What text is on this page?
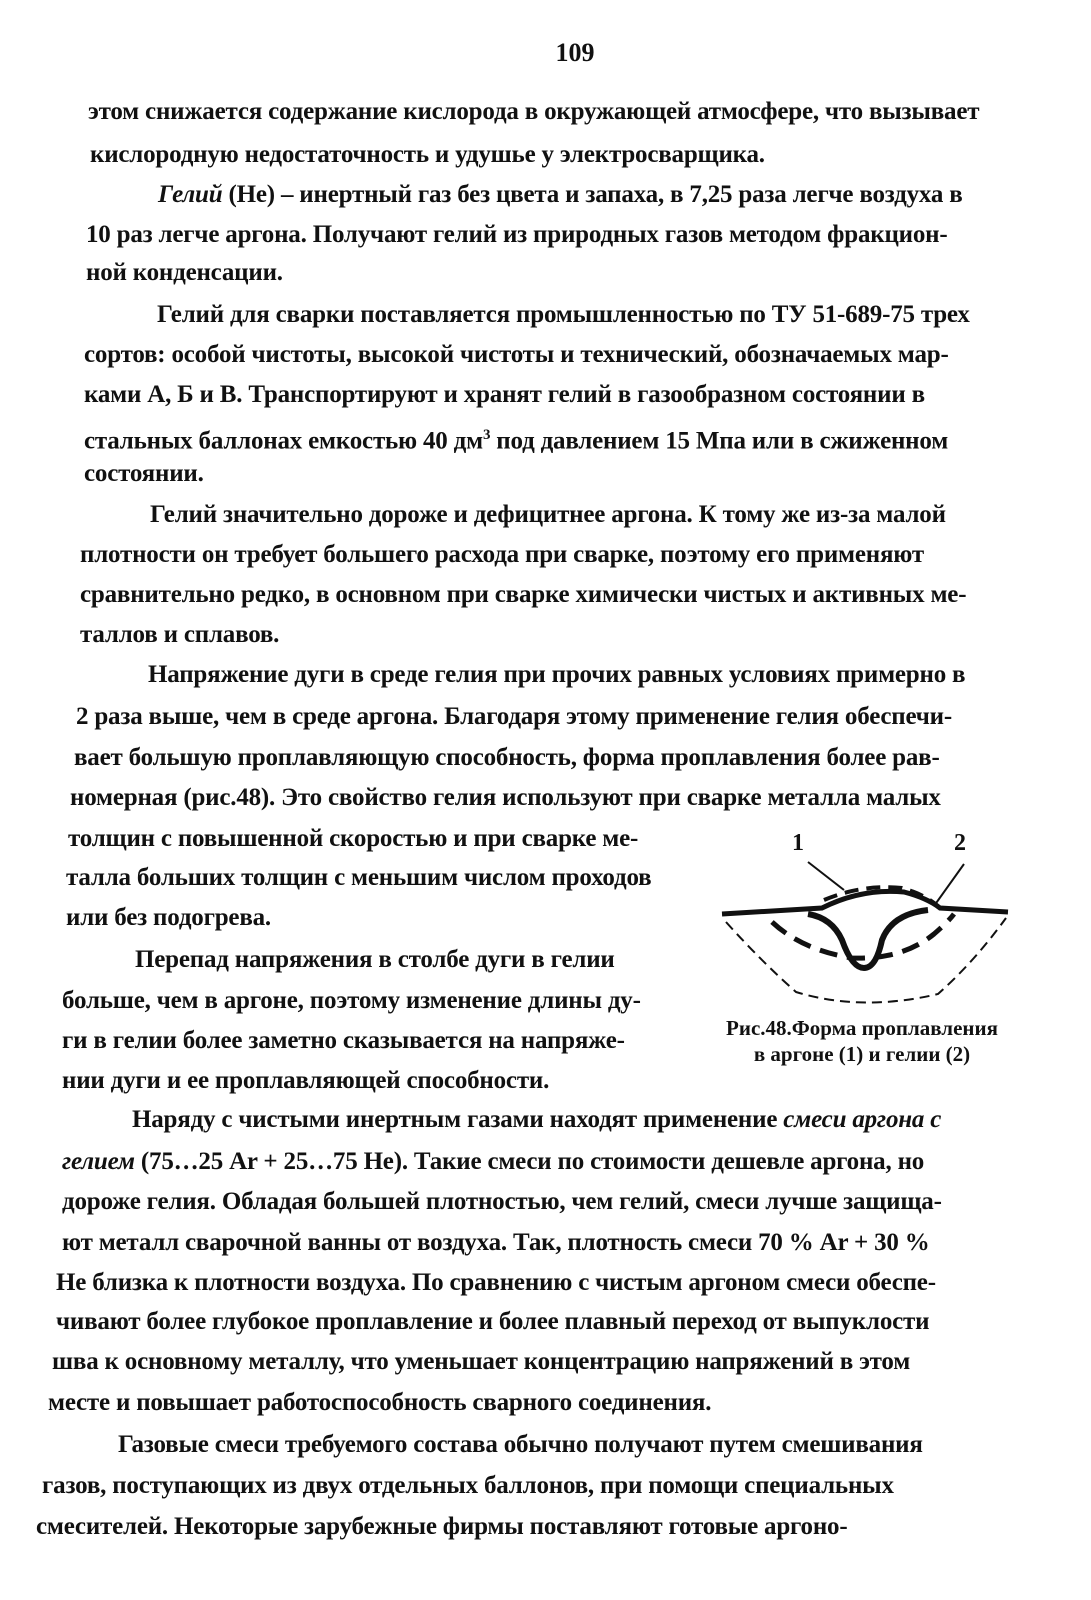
109
этом снижается содержание кислорода в окружающей атмосфере, что вызывает
кислородную недостаточность и удушье у электросварщика.
Гелий (He) – инертный газ без цвета и запаха, в 7,25 раза легче воздуха в
10 раз легче аргона. Получают гелий из природных газов методом фракцион-
ной конденсации.
Гелий для сварки поставляется промышленностью по ТУ 51-689-75 трех
сортов: особой чистоты, высокой чистоты и технический, обозначаемых мар-
ками А, Б и В. Транспортируют и хранят гелий в газообразном состоянии в
стальных баллонах емкостью 40 $дм^3$ под давлением 15 Мпа или в сжиженном
состоянии.
Гелий значительно дороже и дефицитнее аргона. К тому же из-за малой
плотности он требует большего расхода при сварке, поэтому его применяют
сравнительно редко, в основном при сварке химически чистых и активных ме-
таллов и сплавов.
Напряжение дуги в среде гелия при прочих равных условиях примерно в
2 раза выше, чем в среде аргона. Благодаря этому применение гелия обеспечи-
вает большую проплавляющую способность, форма проплавления более рав-
номерная (рис.48). Это свойство гелия используют при сварке металла малых
толщин с повышенной скоростью и при сварке ме-
талла больших толщин с меньшим числом проходов
или без подогрева.
Перепад напряжения в столбе дуги в гелии
больше, чем в аргоне, поэтому изменение длины ду-
ги в гелии более заметно сказывается на напряже-
нии дуги и ее проплавляющей способности.
Наряду с чистыми инертным газами находят применение смеси аргона с
гелием (75…25 Ar + 25…75 He). Такие смеси по стоимости дешевле аргона, но
дороже гелия. Обладая большей плотностью, чем гелий, смеси лучше защища-
ют металл сварочной ванны от воздуха. Так, плотность смеси 70 % Ar + 30 %
He близка к плотности воздуха. По сравнению с чистым аргоном смеси обеспе-
чивают более глубокое проплавление и более плавный переход от выпуклости
шва к основному металлу, что уменьшает концентрацию напряжений в этом
месте и повышает работоспособность сварного соединения.
Газовые смеси требуемого состава обычно получают путем смешивания
газов, поступающих из двух отдельных баллонов, при помощи специальных
смесителей. Некоторые зарубежные фирмы поставляют готовые аргоно-
1	2
Рис.48.Форма проплавления
в аргоне (1) и гелии (2)
